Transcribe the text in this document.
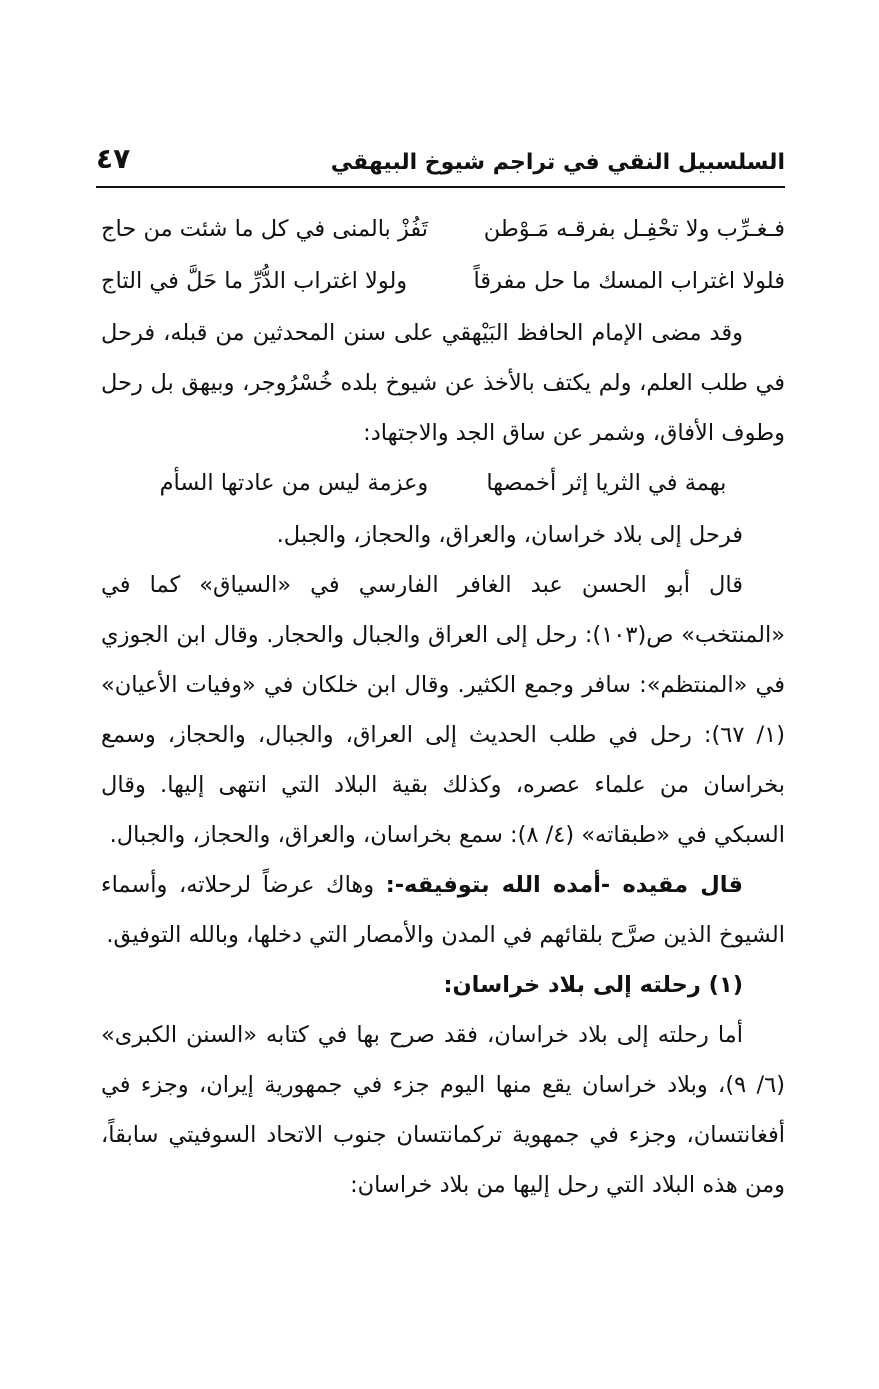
السلسبيل النقي في تراجم شيوخ البيهقي
٤٧
فـغـرِّب ولا تحْفِـل بفرقـه مَـوْطن
تَفُزْ بالمنى في كل ما شئت من حاج
فلولا اغتراب المسك ما حل مفرقاً
ولولا اغتراب الدُّرِّ ما حَلَّ في التاج

وقد مضى الإمام الحافظ البَيْهقي على سنن المحدثين من قبله، فرحل في طلب العلم، ولم يكتف بالأخذ عن شيوخ بلده خُسْرُوجر، وبيهق بل رحل وطوف الأفاق، وشمر عن ساق الجد والاجتهاد:

بهمة في الثريا إثر أخمصها
وعزمة ليس من عادتها السأم

فرحل إلى بلاد خراسان، والعراق، والحجاز، والجبل.

قال أبو الحسن عبد الغافر الفارسي في «السياق» كما في «المنتخب» ص(١٠٣): رحل إلى العراق والجبال والحجار. وقال ابن الجوزي في «المنتظم»: سافر وجمع الكثير. وقال ابن خلكان في «وفيات الأعيان» (١/ ٦٧): رحل في طلب الحديث إلى العراق، والجبال، والحجاز، وسمع بخراسان من علماء عصره، وكذلك بقية البلاد التي انتهى إليها. وقال السبكي في «طبقاته» (٤/ ٨): سمع بخراسان، والعراق، والحجاز، والجبال.

قال مقيده -أمده الله بتوفيقه-: وهاك عرضاً لرحلاته، وأسماء الشيوخ الذين صرَّح بلقائهم في المدن والأمصار التي دخلها، وبالله التوفيق.

(١) رحلته إلى بلاد خراسان:

أما رحلته إلى بلاد خراسان، فقد صرح بها في كتابه «السنن الكبرى» (٦/ ٩)، وبلاد خراسان يقع منها اليوم جزء في جمهورية إيران، وجزء في أفغانتسان، وجزء في جمهوية تركمانتسان جنوب الاتحاد السوفيتي سابقاً، ومن هذه البلاد التي رحل إليها من بلاد خراسان:
